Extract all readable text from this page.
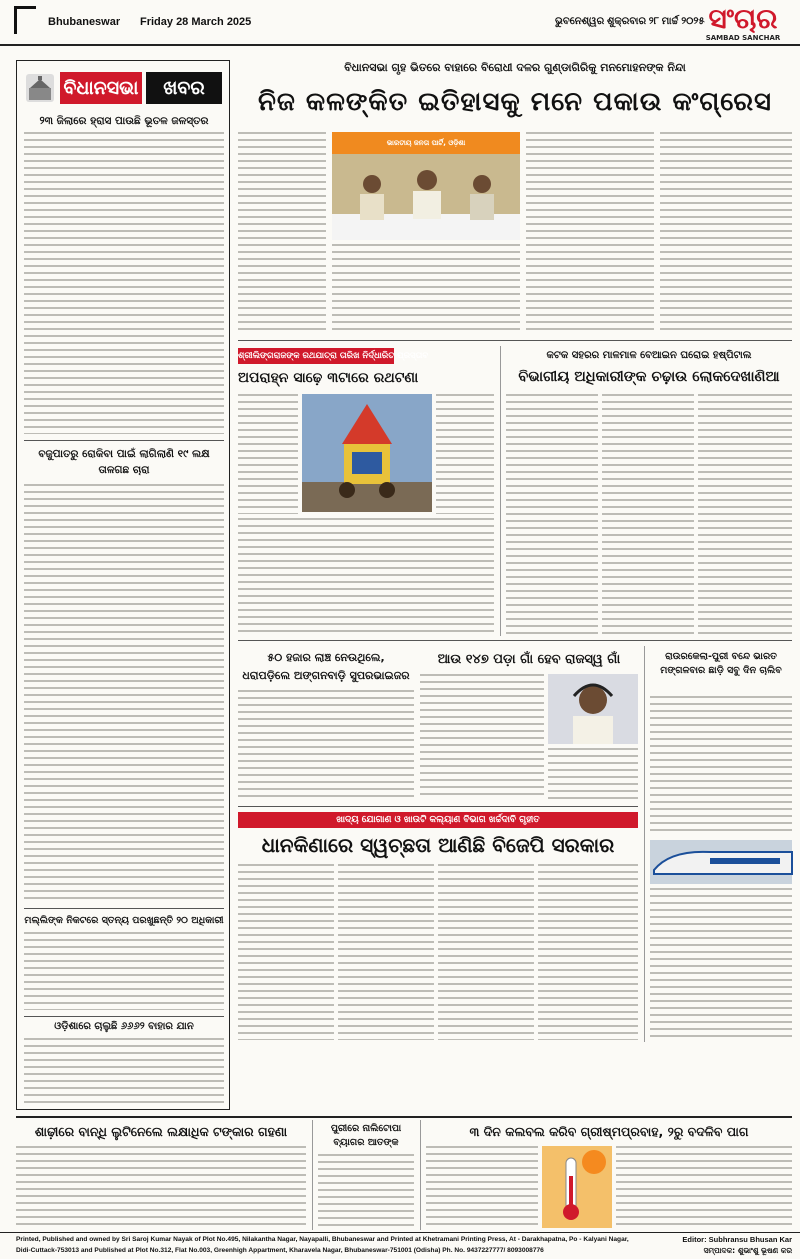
Bhubaneswar Friday 28 March 2025	ଭୁବନେଶ୍ୱର ଶୁକ୍ରବାର ୨୮ ମାର୍ଚ୍ଚ ୨୦୨୫ ସଂଚାର
SAMBAD SANCHAR
ବିଧାନସଭା	ଖବର
୨୩ ଜିଲାରେ ହ୍ରାସ ପାଉଛି ଭୂତଳ ଜଳସ୍ତର
ବଜୁପାତରୁ ରୋକିବା ପାଇଁ ଲାଗିଲାଣି ୧୯ ଲକ୍ଷ ତାଳଗଛ ଚାରା
ମଲ୍ଲିଙ୍କ ନିକଟରେ ସ୍ତନ୍ୟ ପରଖୁଛନ୍ତି ୨୦ ଅଧିକାରୀ
ଓଡ଼ିଶାରେ ଚାଲୁଛି ୬୬୬୨ ବାହାର ଯାନ
ବିଧାନସଭା ଗୃହ ଭିତରେ ବାହାରେ ବିରୋଧୀ ଦଳର ଗୁଣ୍ଡାଗିରିକୁ ମନମୋହନଙ୍କ ନିନ୍ଦା
ନିଜ କଳଙ୍କିତ ଇତିହାସକୁ ମନେ ପକାଉ କଂଗ୍ରେସ
ଭାରତୀୟ ଜନତା ପାର୍ଟି, ଓଡ଼ିଶା
ଶ୍ରୀଲିଙ୍ଗରାଜଙ୍କ ରଥଯାତ୍ରା ତାରିଖ ନିର୍ଦ୍ଧାରିତ ପ୍ରସ୍ତାବ
ଅପରାହ୍ନ ସାଢ଼େ ୩ଟାରେ ରଥଟଣା
କଟକ ସହରର ମାଳମାଳ ବେଆଇନ ଘରୋଇ ହଷ୍ପିଟାଲ
ବିଭାଗୀୟ ଅଧିକାରୀଙ୍କ ଚଢ଼ାଉ ଲୋକଦେଖାଣିଆ
୫୦ ହଜାର ଲାଞ୍ଚ ନେଉଥିଲେ,
ଧରାପଡ଼ିଲେ ଅଙ୍ଗନବାଡ଼ି ସୁପରଭାଇଜର
ଆଉ ୧୪୭ ପଡ଼ା ଗାଁ ହେବ ରାଜସ୍ୱ ଗାଁ	ରାଉରକେଲା-ପୁରୀ ବନ୍ଦେ ଭାରତ ମଙ୍ଗଳବାର ଛାଡ଼ି ସବୁ ଦିନ ଚାଲିବ
ଖାଦ୍ୟ ଯୋଗାଣ ଓ ଖାଉଟି କଲ୍ୟାଣ ବିଭାଗ ଖର୍ଚ୍ଚଦାବି ଗୃହୀତ
ଧାନକିଣାରେ ସ୍ୱଚ୍ଛତା ଆଣିଛି ବିଜେପି ସରକାର
ଶାଢ଼ୀରେ ବାନ୍ଧି ଲୁଟିନେଲେ ଲକ୍ଷାଧିକ ଟଙ୍କାର ଗହଣା	ପୁରୀରେ ନାଲିଟୋପା ବ୍ୟାଗର ଆତଙ୍କ
୩ ଦିନ କଲବଲ କରିବ ଗ୍ରୀଷ୍ମପ୍ରବାହ, ୨ରୁ ବଦଳିବ ପାଗ
Printed, Published and owned by Sri Saroj Kumar Nayak of Plot No.495, Nilakantha Nagar, Nayapalli, Bhubaneswar and Printed at Khetramani Printing Press, At - Darakhapatna, Po - Kalyani Nagar,
Didi-Cuttack-753013 and Published at Plot No.312, Flat No.003, Greenhigh Appartment, Kharavela Nagar, Bhubaneswar-751001 (Odisha) Ph. No. 9437227777/ 8093008776
Editor: Subhransu Bhusan Kar
ସମ୍ପାଦକ: ଶୁଭାଂଶୁ ଭୂଷଣ କର
